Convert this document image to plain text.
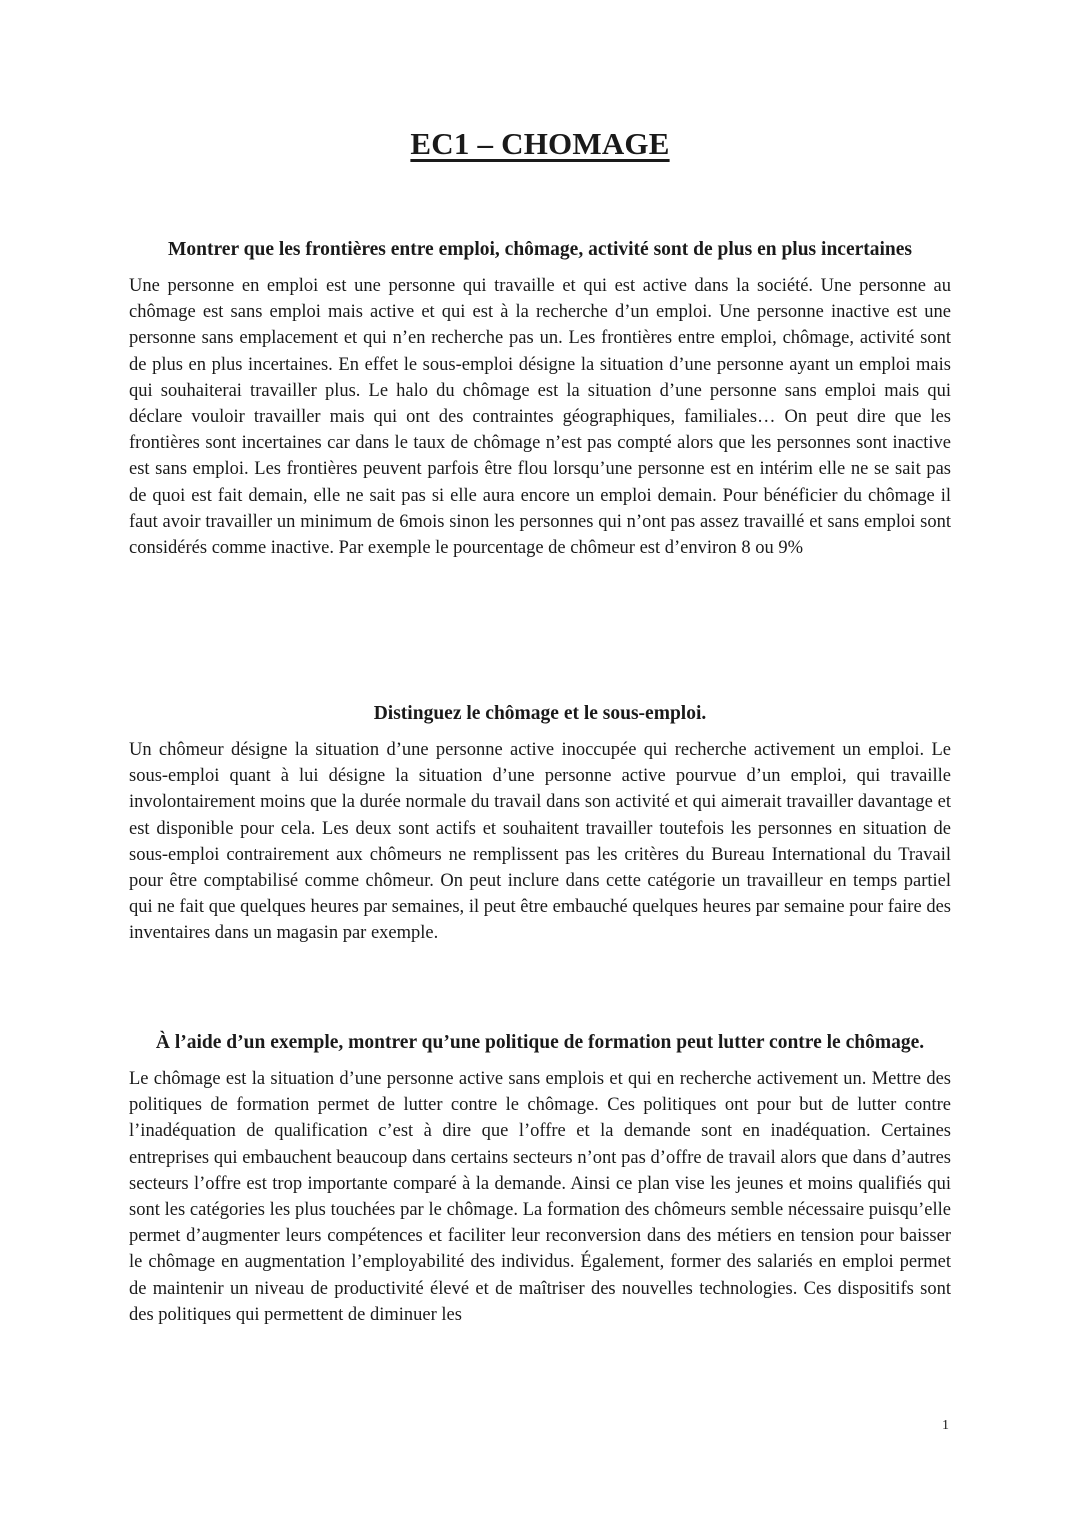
EC1 – CHOMAGE
Montrer que les frontières entre emploi, chômage, activité sont de plus en plus incertaines

Une personne en emploi est une personne qui travaille et qui est active dans la société. Une personne au chômage est sans emploi mais active et qui est à la recherche d’un emploi. Une personne inactive est une personne sans emplacement et qui n’en recherche pas un. Les frontières entre emploi, chômage, activité sont de plus en plus incertaines. En effet le sous-emploi désigne la situation d’une personne ayant un emploi mais qui souhaiterai travailler plus. Le halo du chômage est la situation d’une personne sans emploi mais qui déclare vouloir travailler mais qui ont des contraintes géographiques, familiales… On peut dire que les frontières sont incertaines car dans le taux de chômage n’est pas compté alors que les personnes sont inactive est sans emploi. Les frontières peuvent parfois être flou lorsqu’une personne est en intérim elle ne se sait pas de quoi est fait demain, elle ne sait pas si elle aura encore un emploi demain. Pour bénéficier du chômage il faut avoir travailler un minimum de 6mois sinon les personnes qui n’ont pas assez travaillé et sans emploi sont considérés comme inactive. Par exemple le pourcentage de chômeur est d’environ 8 ou 9%

Distinguez le chômage et le sous-emploi.

Un chômeur désigne la situation d’une personne active inoccupée qui recherche activement un emploi. Le sous-emploi quant à lui désigne la situation d’une personne active pourvue d’un emploi, qui travaille involontairement moins que la durée normale du travail dans son activité et qui aimerait travailler davantage et est disponible pour cela. Les deux sont actifs et souhaitent travailler toutefois les personnes en situation de sous-emploi contrairement aux chômeurs ne remplissent pas les critères du Bureau International du Travail pour être comptabilisé comme chômeur. On peut inclure dans cette catégorie un travailleur en temps partiel qui ne fait que quelques heures par semaines, il peut être embauché quelques heures par semaine pour faire des inventaires dans un magasin par exemple.

À l’aide d’un exemple, montrer qu’une politique de formation peut lutter contre le chômage.

Le chômage est la situation d’une personne active sans emplois et qui en recherche activement un. Mettre des politiques de formation permet de lutter contre le chômage. Ces politiques ont pour but de lutter contre l’inadéquation de qualification c’est à dire que l’offre et la demande sont en inadéquation. Certaines entreprises qui embauchent beaucoup dans certains secteurs n’ont pas d’offre de travail alors que dans d’autres secteurs l’offre est trop importante comparé à la demande. Ainsi ce plan vise les jeunes et moins qualifiés qui sont les catégories les plus touchées par le chômage. La formation des chômeurs semble nécessaire puisqu’elle permet d’augmenter leurs compétences et faciliter leur reconversion dans des métiers en tension pour baisser le chômage en augmentation l’employabilité des individus. Également, former des salariés en emploi permet de maintenir un niveau de productivité élevé et de maîtriser des nouvelles technologies. Ces dispositifs sont des politiques qui permettent de diminuer les

1
